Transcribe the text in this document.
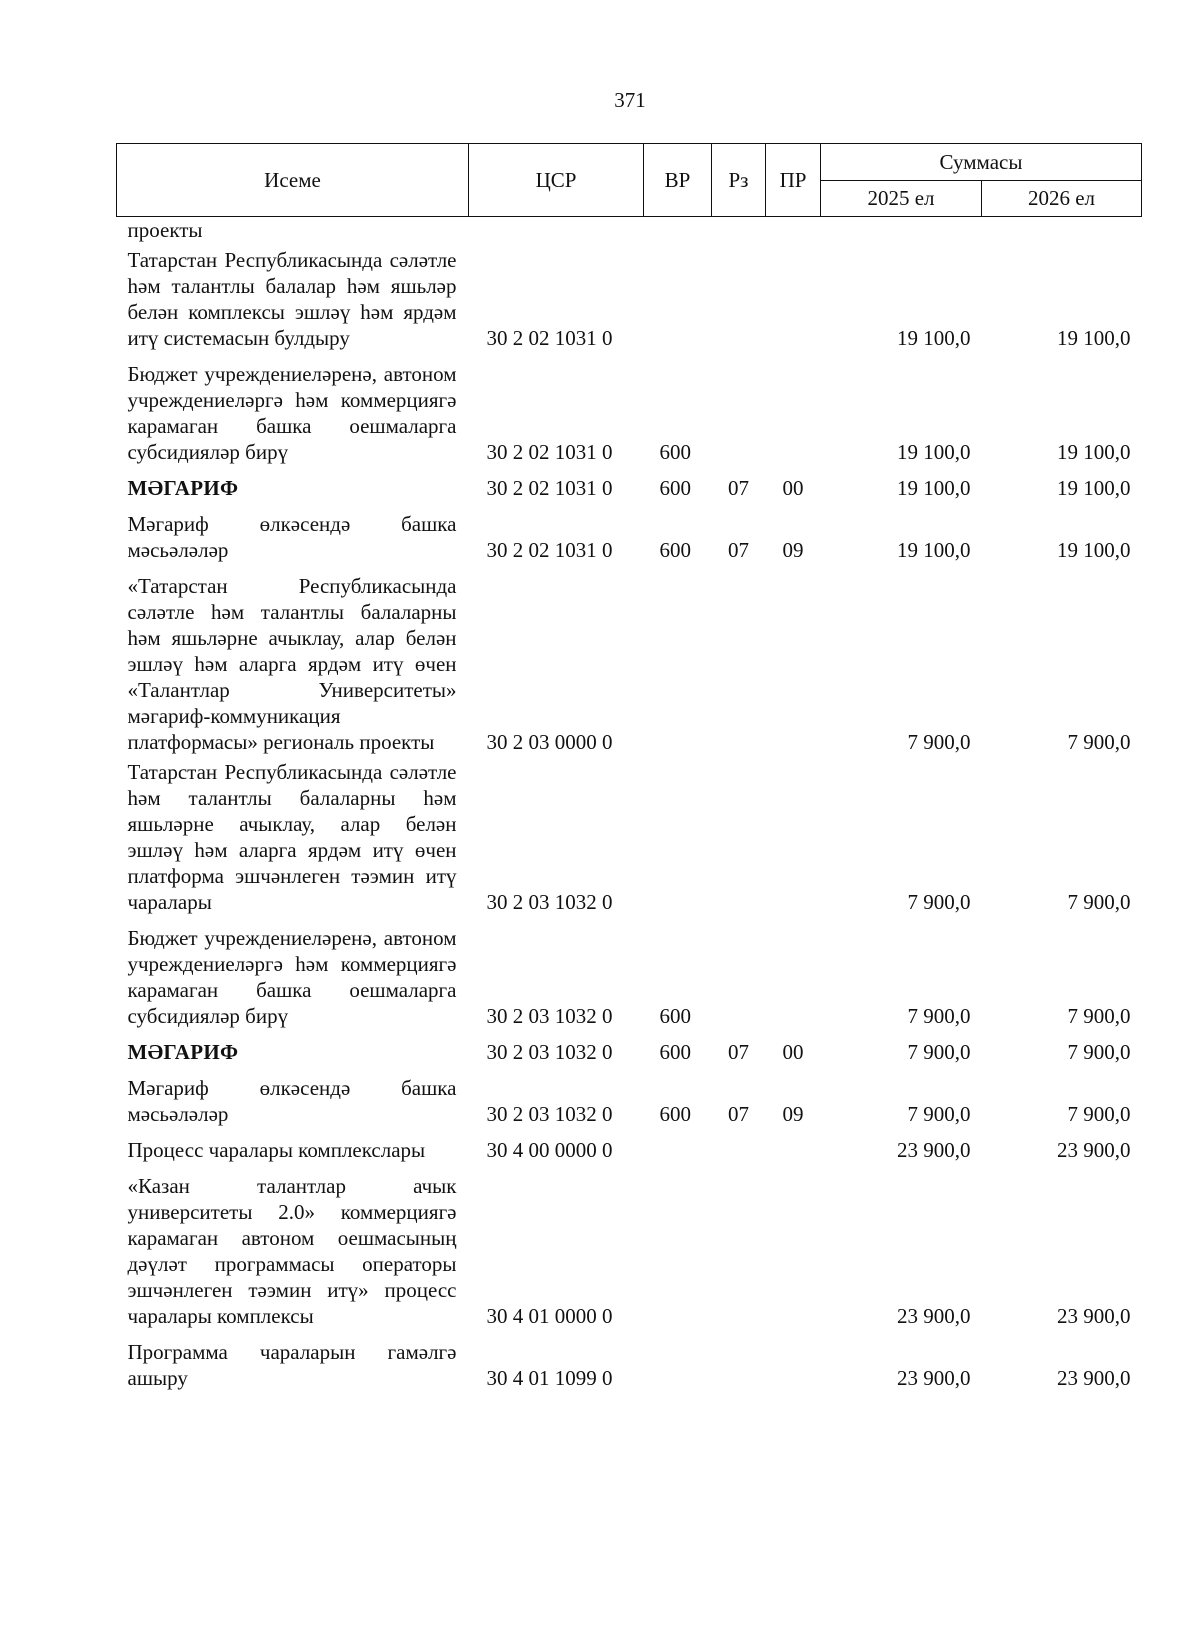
371
Исеме	ЦСР	ВР	Рз	ПР	Суммасы	
					2025 ел	2026 ел
проекты						
Татарстан Республикасында сәләтле һәм талантлы балалар һәм яшьләр белән комплексы эшләү һәм ярдәм итү системасын булдыру	30 2 02 1031 0				19 100,0	19 100,0
Бюджет учреждениеләренә, автоном учреждениеләргә һәм коммерциягә карамаган башка оешмаларга субсидияләр бирү	30 2 02 1031 0	600			19 100,0	19 100,0
МӘГАРИФ	30 2 02 1031 0	600	07	00	19 100,0	19 100,0
Мәгариф өлкәсендә башка мәсьәләләр	30 2 02 1031 0	600	07	09	19 100,0	19 100,0
«Татарстан Республикасында сәләтле һәм талантлы балаларны һәм яшьләрне ачыклау, алар белән эшләү һәм аларга ярдәм итү өчен «Талантлар Университеты» мәгариф-коммуникация платформасы» региональ проекты	30 2 03 0000 0				7 900,0	7 900,0
Татарстан Республикасында сәләтле һәм талантлы балаларны һәм яшьләрне ачыклау, алар белән эшләү һәм аларга ярдәм итү өчен платформа эшчәнлеген тәэмин итү чаралары	30 2 03 1032 0				7 900,0	7 900,0
Бюджет учреждениеләренә, автоном учреждениеләргә һәм коммерциягә карамаган башка оешмаларга субсидияләр бирү	30 2 03 1032 0	600			7 900,0	7 900,0
МӘГАРИФ	30 2 03 1032 0	600	07	00	7 900,0	7 900,0
Мәгариф өлкәсендә башка мәсьәләләр	30 2 03 1032 0	600	07	09	7 900,0	7 900,0
Процесс чаралары комплекслары	30 4 00 0000 0				23 900,0	23 900,0
«Казан талантлар ачык университеты 2.0» коммерциягә карамаган автоном оешмасының дәүләт программасы операторы эшчәнлеген тәэмин итү» процесс чаралары комплексы	30 4 01 0000 0				23 900,0	23 900,0
Программа чараларын гамәлгә ашыру	30 4 01 1099 0				23 900,0	23 900,0
